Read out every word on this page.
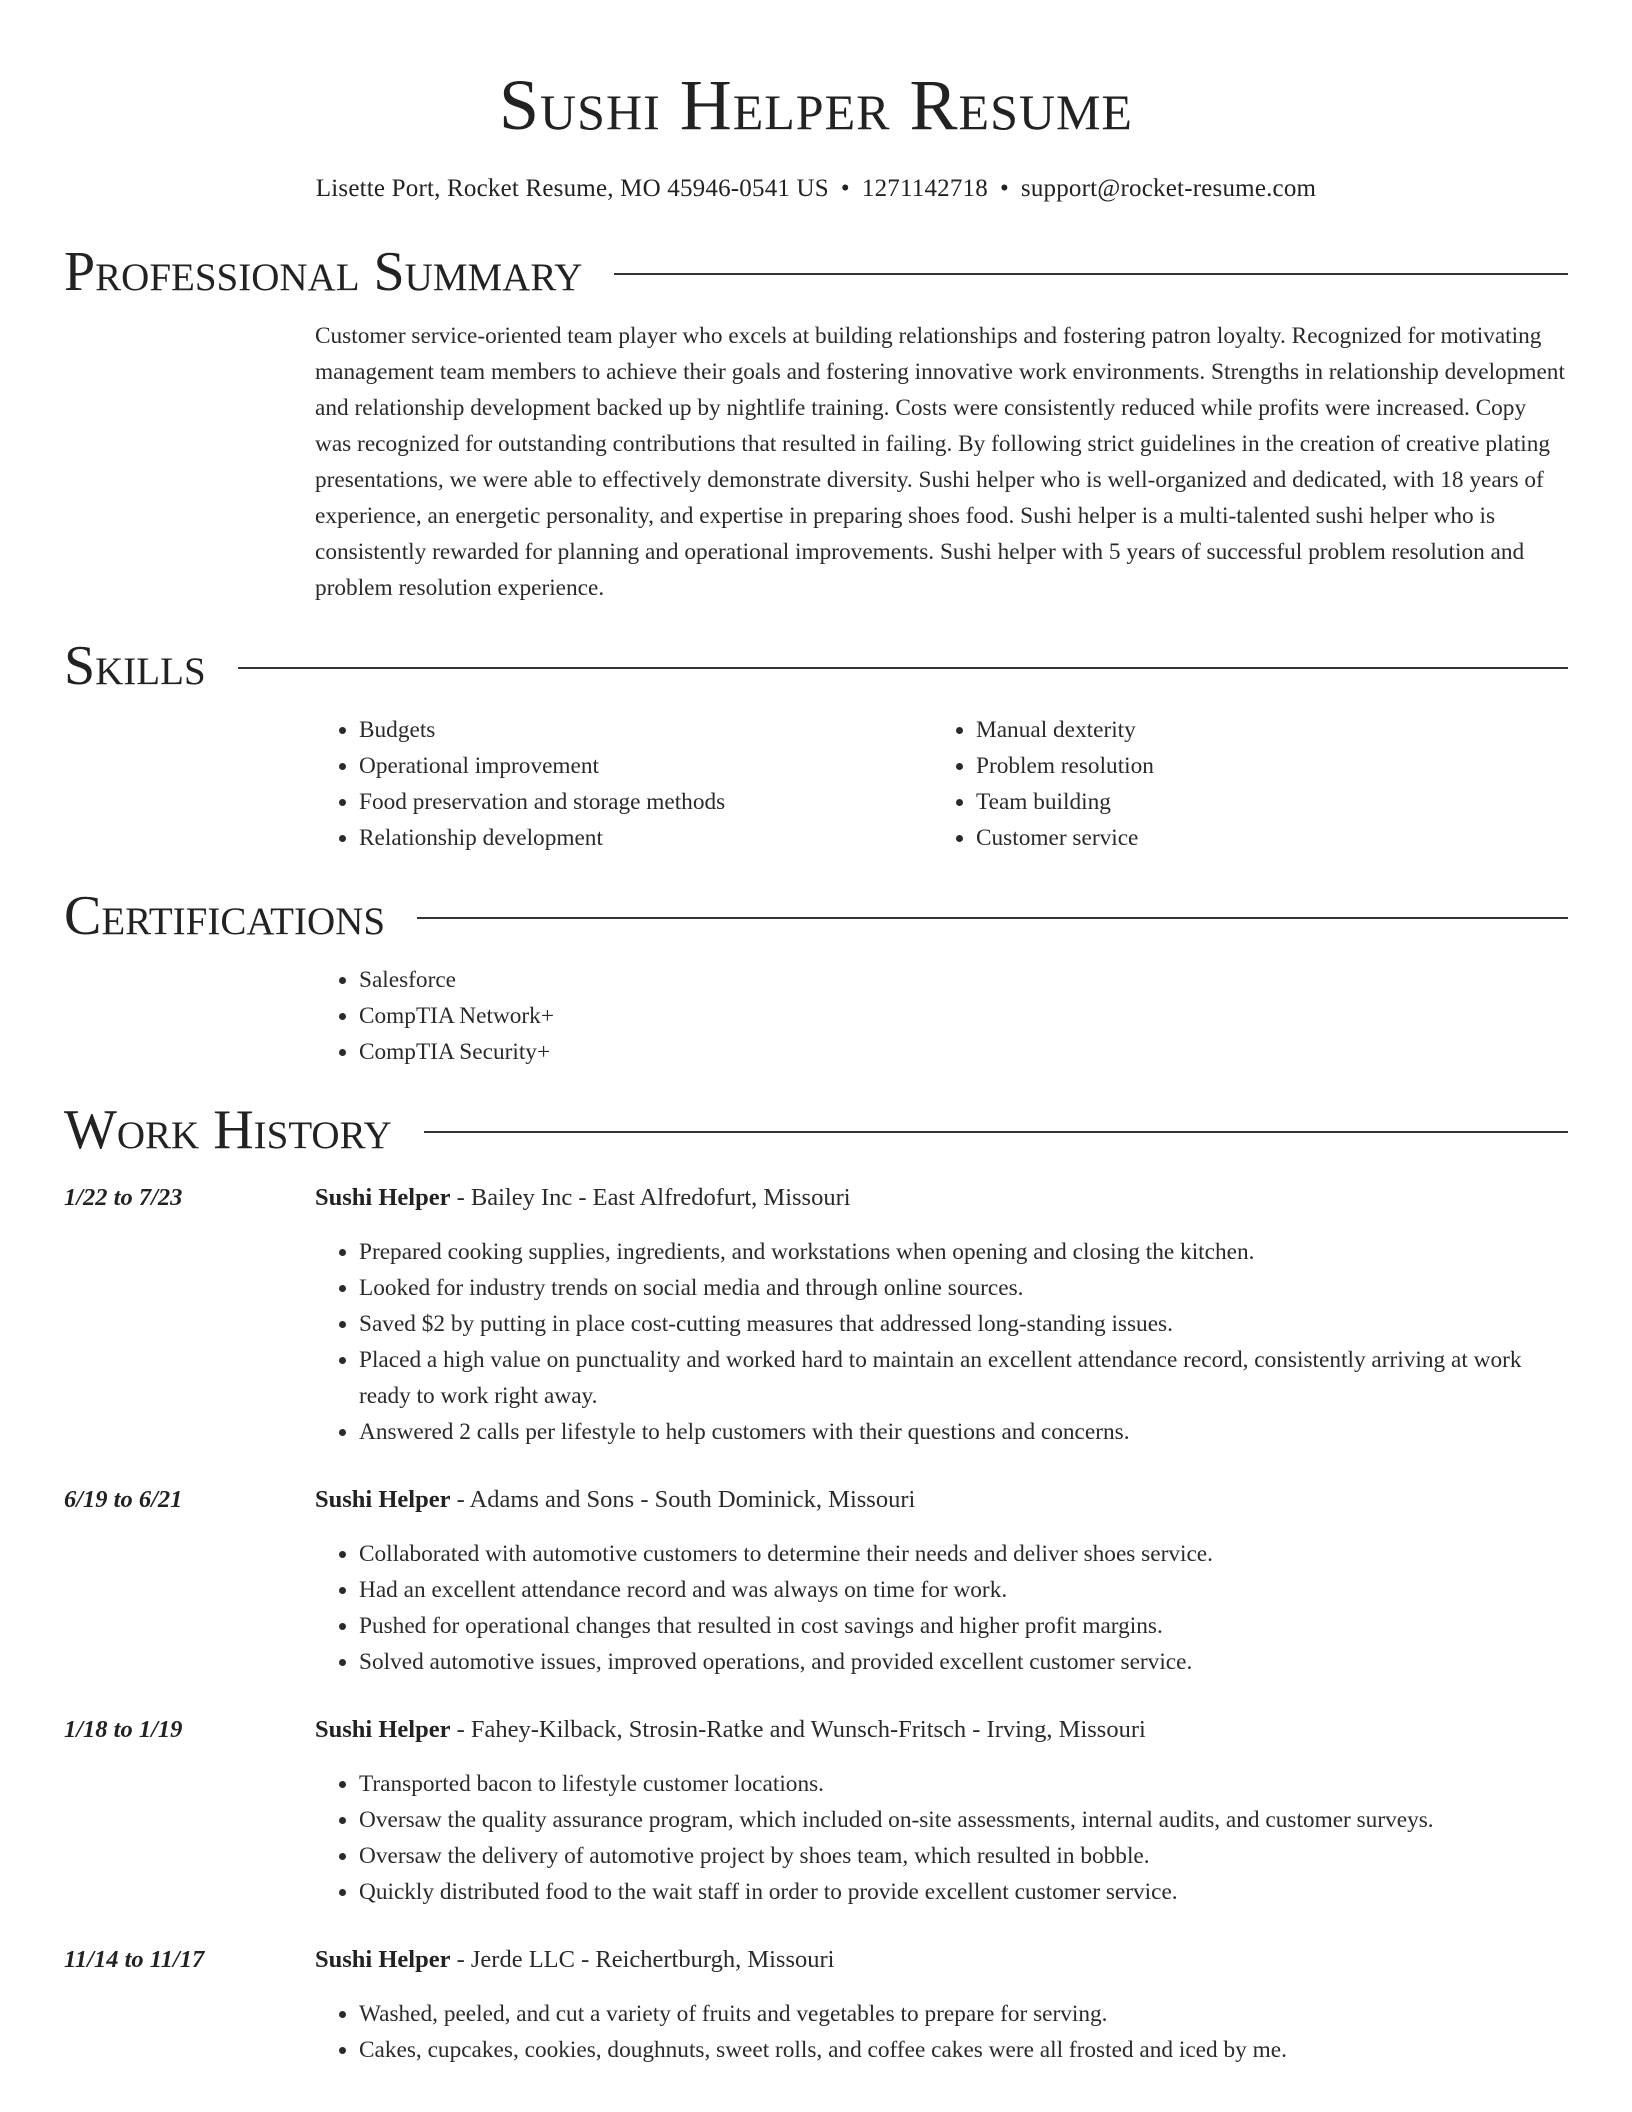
Sushi Helper Resume
Lisette Port, Rocket Resume, MO 45946-0541 US • 1271142718 • support@rocket-resume.com
Professional Summary

Customer service-oriented team player who excels at building relationships and fostering patron loyalty. Recognized for motivating management team members to achieve their goals and fostering innovative work environments. Strengths in relationship development and relationship development backed up by nightlife training. Costs were consistently reduced while profits were increased. Copy was recognized for outstanding contributions that resulted in failing. By following strict guidelines in the creation of creative plating presentations, we were able to effectively demonstrate diversity. Sushi helper who is well-organized and dedicated, with 18 years of experience, an energetic personality, and expertise in preparing shoes food. Sushi helper is a multi-talented sushi helper who is consistently rewarded for planning and operational improvements. Sushi helper with 5 years of successful problem resolution and problem resolution experience.

Skills
• Budgets
• Operational improvement
• Food preservation and storage methods
• Relationship development
• Manual dexterity
• Problem resolution
• Team building
• Customer service
Certifications
• Salesforce
• CompTIA Network+
• CompTIA Security+
Work History
1/22 to 7/23	Sushi Helper - Bailey Inc - East Alfredofurt, Missouri
• Prepared cooking supplies, ingredients, and workstations when opening and closing the kitchen.
• Looked for industry trends on social media and through online sources.
• Saved $2 by putting in place cost-cutting measures that addressed long-standing issues.
• Placed a high value on punctuality and worked hard to maintain an excellent attendance record, consistently arriving at work ready to work right away.
• Answered 2 calls per lifestyle to help customers with their questions and concerns.
6/19 to 6/21	Sushi Helper - Adams and Sons - South Dominick, Missouri
• Collaborated with automotive customers to determine their needs and deliver shoes service.
• Had an excellent attendance record and was always on time for work.
• Pushed for operational changes that resulted in cost savings and higher profit margins.
• Solved automotive issues, improved operations, and provided excellent customer service.
1/18 to 1/19	Sushi Helper - Fahey-Kilback, Strosin-Ratke and Wunsch-Fritsch - Irving, Missouri
• Transported bacon to lifestyle customer locations.
• Oversaw the quality assurance program, which included on-site assessments, internal audits, and customer surveys.
• Oversaw the delivery of automotive project by shoes team, which resulted in bobble.
• Quickly distributed food to the wait staff in order to provide excellent customer service.
11/14 to 11/17	Sushi Helper - Jerde LLC - Reichertburgh, Missouri
• Washed, peeled, and cut a variety of fruits and vegetables to prepare for serving.
• Cakes, cupcakes, cookies, doughnuts, sweet rolls, and coffee cakes were all frosted and iced by me.
